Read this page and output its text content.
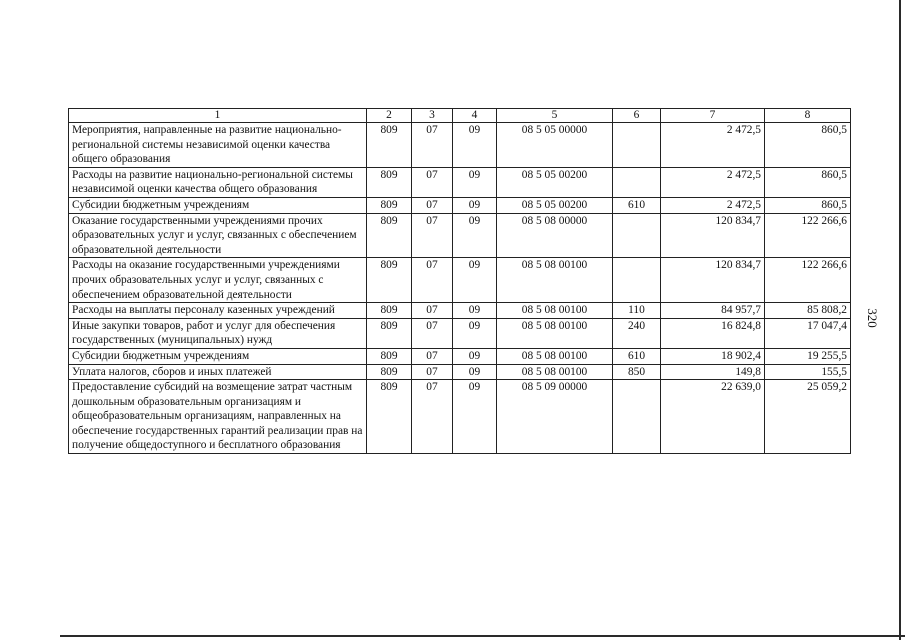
320
1	2	3	4	5	6	7	8
Мероприятия, направленные на развитие национально-региональной системы независимой оценки качества общего образования	809	07	09	08 5 05 00000		2 472,5	860,5
Расходы на развитие национально-региональной системы независимой оценки качества общего образования	809	07	09	08 5 05 00200		2 472,5	860,5
Субсидии бюджетным учреждениям	809	07	09	08 5 05 00200	610	2 472,5	860,5
Оказание государственными учреждениями прочих образовательных услуг и услуг, связанных с обеспечением образовательной деятельности	809	07	09	08 5 08 00000		120 834,7	122 266,6
Расходы на оказание государственными учреждениями прочих образовательных услуг и услуг, связанных с обеспечением образовательной деятельности	809	07	09	08 5 08 00100		120 834,7	122 266,6
Расходы на выплаты персоналу казенных учреждений	809	07	09	08 5 08 00100	110	84 957,7	85 808,2
Иные закупки товаров, работ и услуг для обеспечения государственных (муниципальных) нужд	809	07	09	08 5 08 00100	240	16 824,8	17 047,4
Субсидии бюджетным учреждениям	809	07	09	08 5 08 00100	610	18 902,4	19 255,5
Уплата налогов, сборов и иных платежей	809	07	09	08 5 08 00100	850	149,8	155,5
Предоставление субсидий на возмещение затрат частным дошкольным образовательным организациям и общеобразовательным организациям, направленных на обеспечение государственных гарантий реализации прав на получение общедоступного и бесплатного образования	809	07	09	08 5 09 00000		22 639,0	25 059,2
